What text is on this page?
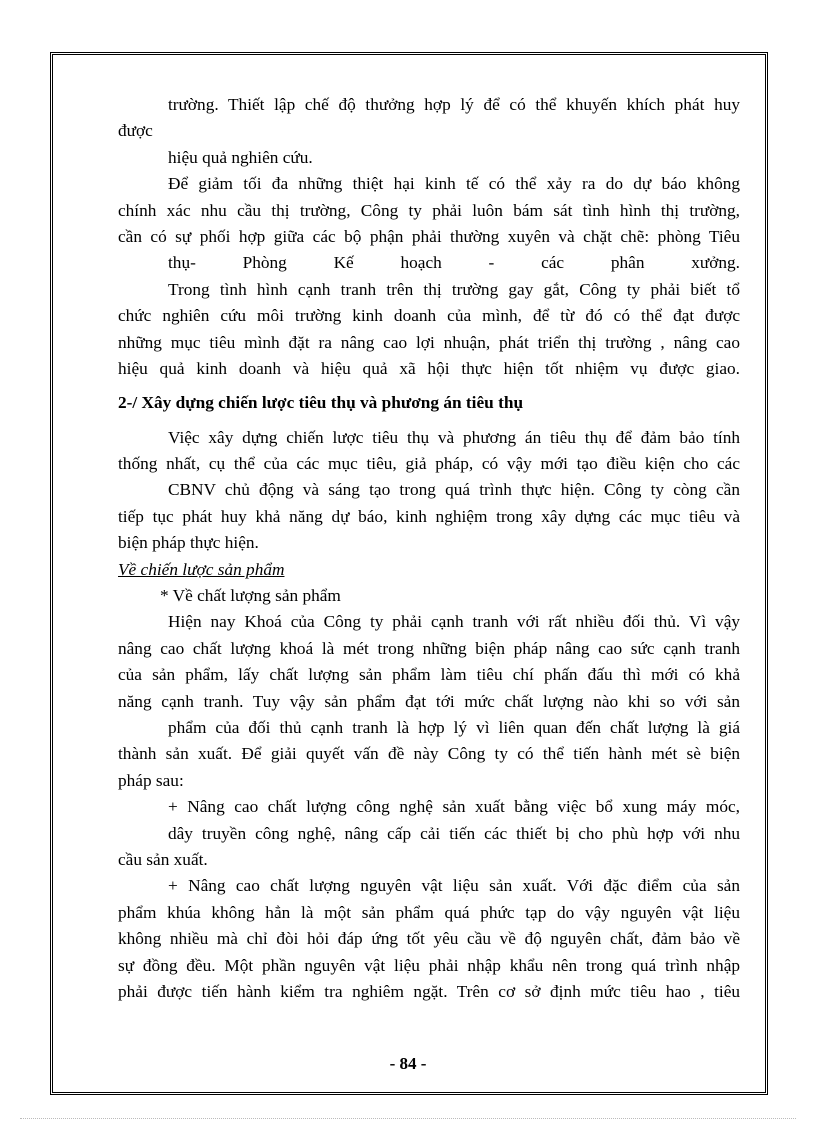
trường. Thiết lập chế độ thưởng hợp lý để có thể khuyến khích phát huy
được
hiệu quả nghiên cứu.
Để giảm tối đa những thiệt hại kinh tế có thể xảy ra do dự báo không
chính xác nhu cầu thị trường, Công ty phải luôn bám sát tình hình thị trường,
cần có sự phối hợp giữa các bộ phận phải thường xuyên và chặt chẽ: phòng Tiêu
thụ- Phòng Kế hoạch - các phân xưởng.
Trong tình hình cạnh tranh trên thị trường gay gắt, Công ty phải biết tổ
chức nghiên cứu môi trường kinh doanh của mình, để từ đó có thể đạt được
những mục tiêu mình đặt ra nâng cao lợi nhuận, phát triển thị trường , nâng cao
hiệu quả kinh doanh và hiệu quả xã hội thực hiện tốt nhiệm vụ được giao.
2-/ Xây dựng chiến lược tiêu thụ và phương án tiêu thụ
Việc xây dựng chiến lược tiêu thụ và phương án tiêu thụ để đảm bảo tính
thống nhất, cụ thể của các mục tiêu, giả pháp, có vậy mới tạo điều kiện cho các
CBNV chủ động và sáng tạo trong quá trình thực hiện. Công ty còng cần
tiếp tục phát huy khả năng dự báo, kinh nghiệm trong xây dựng các mục tiêu và
biện pháp thực hiện.
Về chiến lược sản phẩm
* Về chất lượng sản phẩm
Hiện nay Khoá của Công ty phải cạnh tranh với rất nhiều đối thủ. Vì vậy
nâng cao chất lượng khoá là mét trong những biện pháp nâng cao sức cạnh tranh
của sản phẩm, lấy chất lượng sản phẩm làm tiêu chí phấn đấu thì mới có khả
năng cạnh tranh. Tuy vậy sản phẩm đạt tới mức chất lượng nào khi so với sản
phẩm của đối thủ cạnh tranh là hợp lý vì liên quan đến chất lượng là giá
thành sản xuất. Để giải quyết vấn đề này Công ty có thể tiến hành mét sè biện
pháp sau:
+ Nâng cao chất lượng công nghệ sản xuất bằng việc bổ xung máy móc,
dây truyền công nghệ, nâng cấp cải tiến các thiết bị cho phù hợp với nhu
cầu sản xuất.
+ Nâng cao chất lượng nguyên vật liệu sản xuất. Với đặc điểm của sản
phẩm khúa không hẳn là một sản phẩm quá phức tạp do vậy nguyên vật liệu
không nhiều mà chỉ đòi hỏi đáp ứng tốt yêu cầu về độ nguyên chất, đảm bảo về
sự đồng đều. Một phần nguyên vật liệu phải nhập khẩu nên trong quá trình nhập
phải được tiến hành kiểm tra nghiêm ngặt. Trên cơ sở định mức tiêu hao , tiêu
- 84 -
